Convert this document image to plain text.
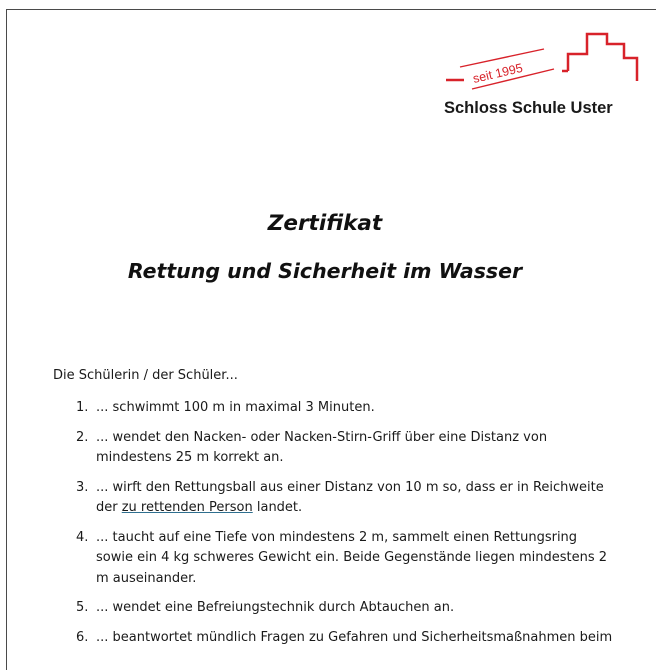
seit 1995
Schloss Schule Uster
Zertifikat
Rettung und Sicherheit im Wasser
Die Schülerin / der Schüler...
1. ... schwimmt 100 m in maximal 3 Minuten.
2. ... wendet den Nacken- oder Nacken-Stirn-Griff über eine Distanz von mindestens 25 m korrekt an.
3. ... wirft den Rettungsball aus einer Distanz von 10 m so, dass er in Reichweite der zu rettenden Person landet.
4. ... taucht auf eine Tiefe von mindestens 2 m, sammelt einen Rettungsring sowie ein 4 kg schweres Gewicht ein. Beide Gegenstände liegen mindestens 2 m auseinander.
5. ... wendet eine Befreiungstechnik durch Abtauchen an.
6. ... beantwortet mündlich Fragen zu Gefahren und Sicherheitsmaßnahmen beim
